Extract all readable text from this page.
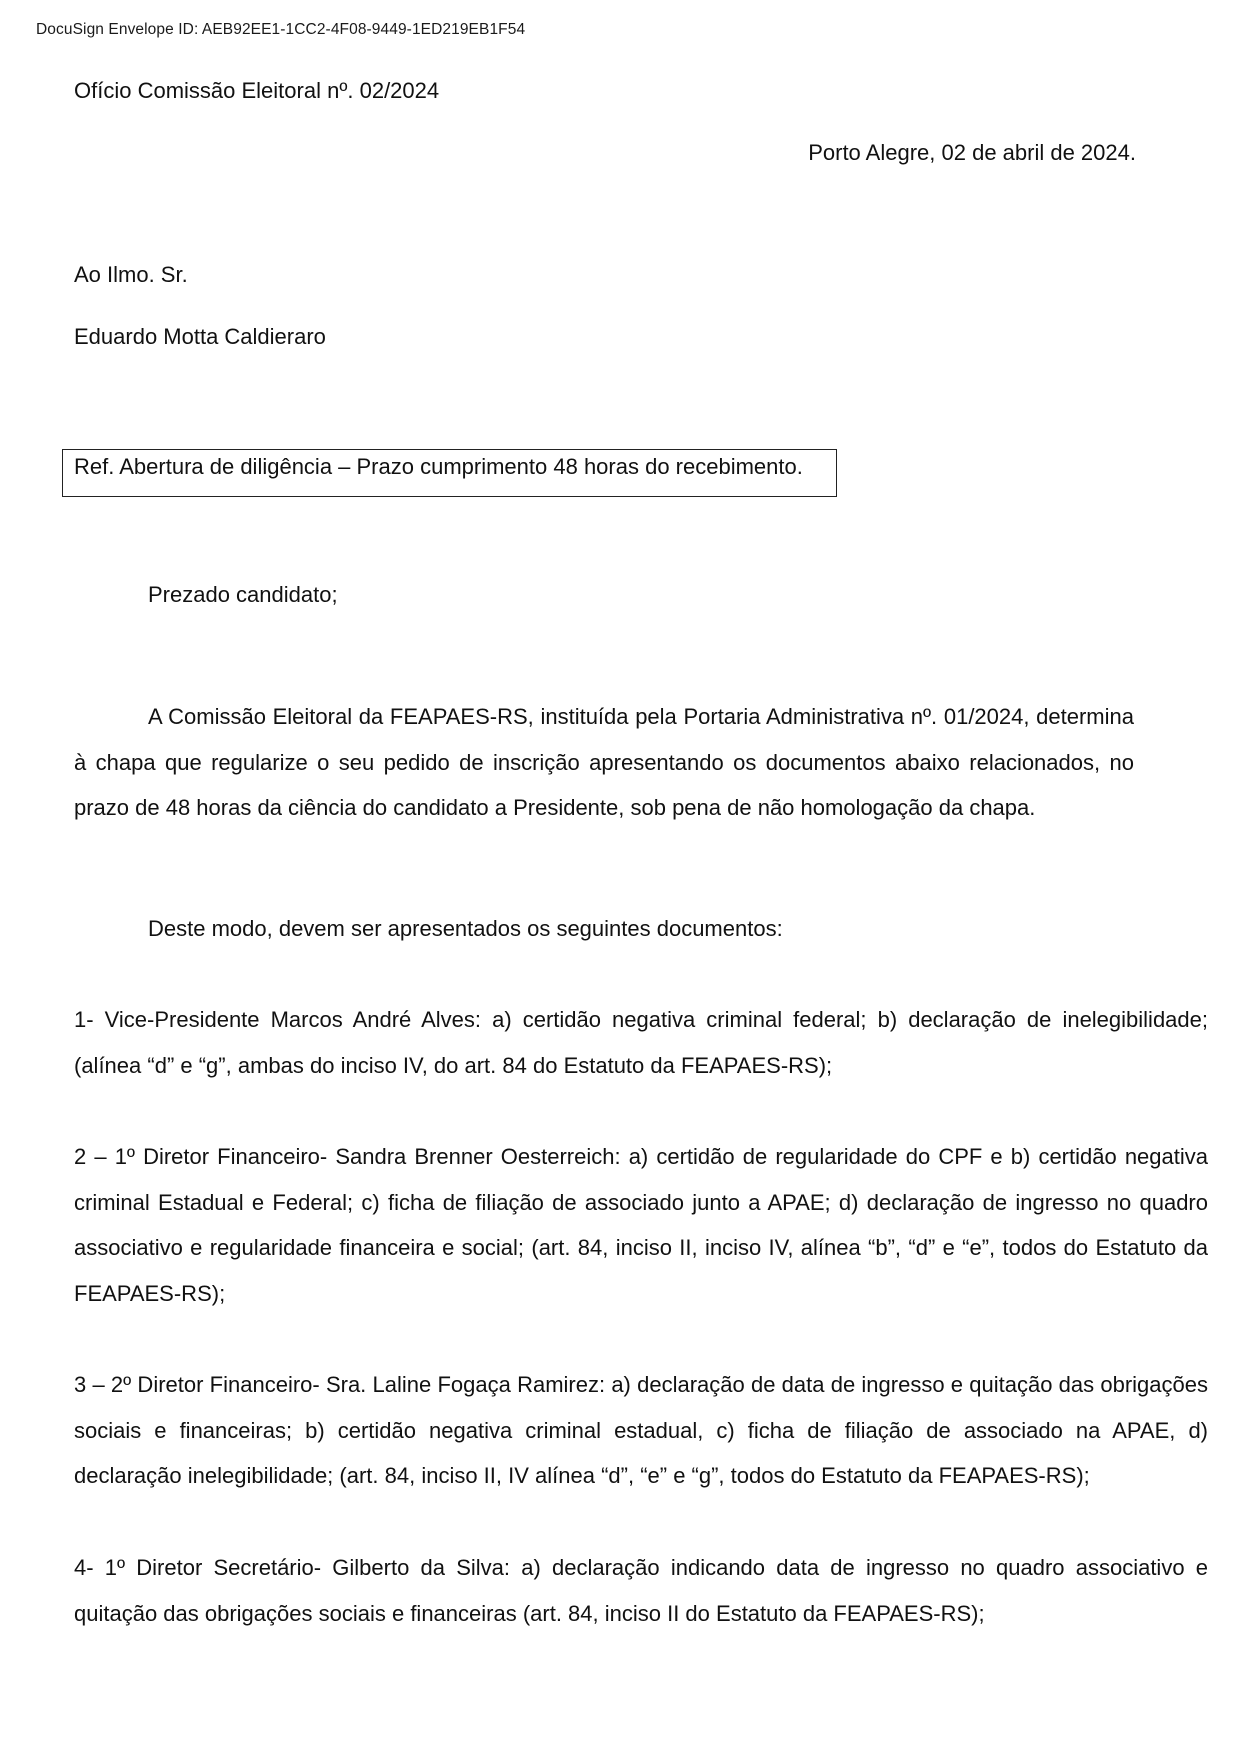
DocuSign Envelope ID: AEB92EE1-1CC2-4F08-9449-1ED219EB1F54
Ofício Comissão Eleitoral nº. 02/2024
Porto Alegre, 02 de abril de 2024.
Ao Ilmo. Sr.
Eduardo Motta Caldieraro
Ref. Abertura de diligência – Prazo cumprimento 48 horas do recebimento.
Prezado candidato;
A Comissão Eleitoral da FEAPAES-RS, instituída pela Portaria Administrativa nº. 01/2024, determina à chapa que regularize o seu pedido de inscrição apresentando os documentos abaixo relacionados, no prazo de 48 horas da ciência do candidato a Presidente, sob pena de não homologação da chapa.
Deste modo, devem ser apresentados os seguintes documentos:
1- Vice-Presidente Marcos André Alves: a) certidão negativa criminal federal; b) declaração de inelegibilidade; (alínea “d” e “g”, ambas do inciso IV, do art. 84 do Estatuto da FEAPAES-RS);
2 – 1º Diretor Financeiro- Sandra Brenner Oesterreich: a) certidão de regularidade do CPF e b) certidão negativa criminal Estadual e Federal; c) ficha de filiação de associado junto a APAE; d) declaração de ingresso no quadro associativo e regularidade financeira e social; (art. 84, inciso II, inciso IV, alínea “b”, “d” e “e”, todos do Estatuto da FEAPAES-RS);
3 – 2º Diretor Financeiro- Sra. Laline Fogaça Ramirez: a) declaração de data de ingresso e quitação das obrigações sociais e financeiras; b) certidão negativa criminal estadual, c) ficha de filiação de associado na APAE, d) declaração inelegibilidade; (art. 84, inciso II, IV alínea “d”, “e” e “g”, todos do Estatuto da FEAPAES-RS);
4- 1º Diretor Secretário- Gilberto da Silva: a) declaração indicando data de ingresso no quadro associativo e quitação das obrigações sociais e financeiras (art. 84, inciso II do Estatuto da FEAPAES-RS);
